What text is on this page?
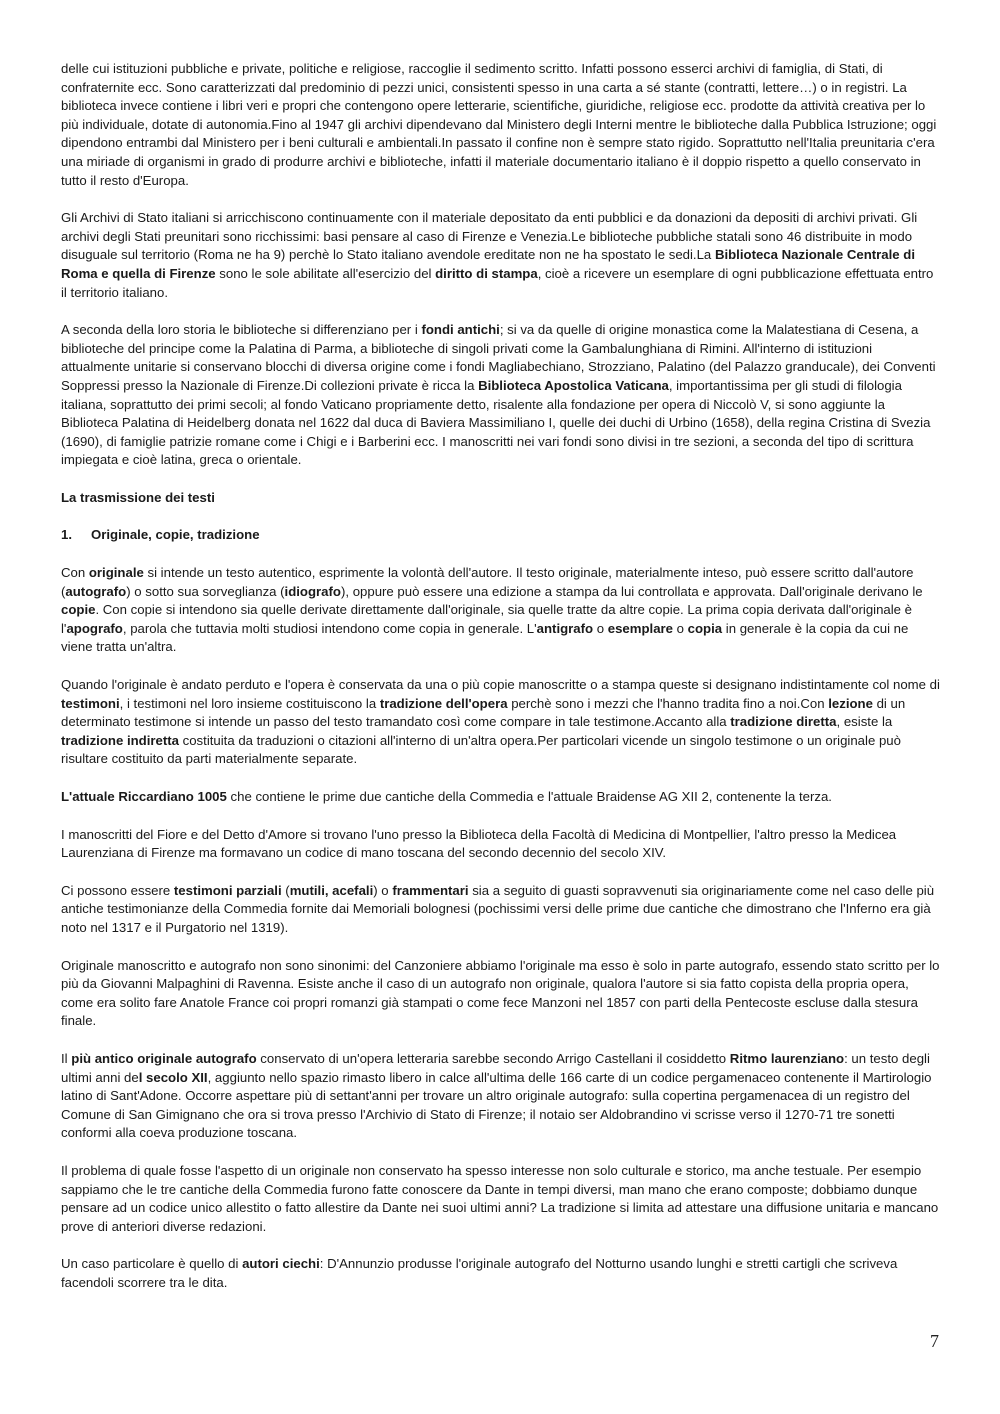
delle cui istituzioni pubbliche e private, politiche e religiose, raccoglie il sedimento scritto. Infatti possono esserci archivi di famiglia, di Stati, di confraternite ecc. Sono caratterizzati dal predominio di pezzi unici, consistenti spesso in una carta a sé stante (contratti, lettere…) o in registri. La biblioteca invece contiene i libri veri e propri che contengono opere letterarie, scientifiche, giuridiche, religiose ecc. prodotte da attività creativa per lo più individuale, dotate di autonomia.Fino al 1947 gli archivi dipendevano dal Ministero degli Interni mentre le biblioteche dalla Pubblica Istruzione; oggi dipendono entrambi dal Ministero per i beni culturali e ambientali.In passato il confine non è sempre stato rigido. Soprattutto nell'Italia preunitaria c'era una miriade di organismi in grado di produrre archivi e biblioteche, infatti il materiale documentario italiano è il doppio rispetto a quello conservato in tutto il resto d'Europa.

Gli Archivi di Stato italiani si arricchiscono continuamente con il materiale depositato da enti pubblici e da donazioni da depositi di archivi privati. Gli archivi degli Stati preunitari sono ricchissimi: basi pensare al caso di Firenze e Venezia.Le biblioteche pubbliche statali sono 46 distribuite in modo disuguale sul territorio (Roma ne ha 9) perchè lo Stato italiano avendole ereditate non ne ha spostato le sedi.La Biblioteca Nazionale Centrale di Roma e quella di Firenze sono le sole abilitate all'esercizio del diritto di stampa, cioè a ricevere un esemplare di ogni pubblicazione effettuata entro il territorio italiano.

A seconda della loro storia le biblioteche si differenziano per i fondi antichi; si va da quelle di origine monastica come la Malatestiana di Cesena, a biblioteche del principe come la Palatina di Parma, a biblioteche di singoli privati come la Gambalunghiana di Rimini. All'interno di istituzioni attualmente unitarie si conservano blocchi di diversa origine come i fondi Magliabechiano, Strozziano, Palatino (del Palazzo granducale), dei Conventi Soppressi presso la Nazionale di Firenze.Di collezioni private è ricca la Biblioteca Apostolica Vaticana, importantissima per gli studi di filologia italiana, soprattutto dei primi secoli; al fondo Vaticano propriamente detto, risalente alla fondazione per opera di Niccolò V, si sono aggiunte la Biblioteca Palatina di Heidelberg donata nel 1622 dal duca di Baviera Massimiliano I, quelle dei duchi di Urbino (1658), della regina Cristina di Svezia (1690), di famiglie patrizie romane come i Chigi e i Barberini ecc. I manoscritti nei vari fondi sono divisi in tre sezioni, a seconda del tipo di scrittura impiegata e cioè latina, greca o orientale.

La trasmissione dei testi

1. Originale, copie, tradizione

Con originale si intende un testo autentico, esprimente la volontà dell'autore. Il testo originale, materialmente inteso, può essere scritto dall'autore (autografo) o sotto sua sorveglianza (idiografo), oppure può essere una edizione a stampa da lui controllata e approvata. Dall'originale derivano le copie. Con copie si intendono sia quelle derivate direttamente dall'originale, sia quelle tratte da altre copie. La prima copia derivata dall'originale è l'apografo, parola che tuttavia molti studiosi intendono come copia in generale. L'antigrafo o esemplare o copia in generale è la copia da cui ne viene tratta un'altra.

Quando l'originale è andato perduto e l'opera è conservata da una o più copie manoscritte o a stampa queste si designano indistintamente col nome di testimoni, i testimoni nel loro insieme costituiscono la tradizione dell'opera perchè sono i mezzi che l'hanno tradita fino a noi.Con lezione di un determinato testimone si intende un passo del testo tramandato così come compare in tale testimone.Accanto alla tradizione diretta, esiste la tradizione indiretta costituita da traduzioni o citazioni all'interno di un'altra opera.Per particolari vicende un singolo testimone o un originale può risultare costituito da parti materialmente separate.

L'attuale Riccardiano 1005 che contiene le prime due cantiche della Commedia e l'attuale Braidense AG XII 2, contenente la terza.

I manoscritti del Fiore e del Detto d'Amore si trovano l'uno presso la Biblioteca della Facoltà di Medicina di Montpellier, l'altro presso la Medicea Laurenziana di Firenze ma formavano un codice di mano toscana del secondo decennio del secolo XIV.

Ci possono essere testimoni parziali (mutili, acefali) o frammentari sia a seguito di guasti sopravvenuti sia originariamente come nel caso delle più antiche testimonianze della Commedia fornite dai Memoriali bolognesi (pochissimi versi delle prime due cantiche che dimostrano che l'Inferno era già noto nel 1317 e il Purgatorio nel 1319).

Originale manoscritto e autografo non sono sinonimi: del Canzoniere abbiamo l'originale ma esso è solo in parte autografo, essendo stato scritto per lo più da Giovanni Malpaghini di Ravenna. Esiste anche il caso di un autografo non originale, qualora l'autore si sia fatto copista della propria opera, come era solito fare Anatole France coi propri romanzi già stampati o come fece Manzoni nel 1857 con parti della Pentecoste escluse dalla stesura finale.

Il più antico originale autografo conservato di un'opera letteraria sarebbe secondo Arrigo Castellani il cosiddetto Ritmo laurenziano: un testo degli ultimi anni del secolo XII, aggiunto nello spazio rimasto libero in calce all'ultima delle 166 carte di un codice pergamenaceo contenente il Martirologio latino di Sant'Adone. Occorre aspettare più di settant'anni per trovare un altro originale autografo: sulla copertina pergamenacea di un registro del Comune di San Gimignano che ora si trova presso l'Archivio di Stato di Firenze; il notaio ser Aldobrandino vi scrisse verso il 1270-71 tre sonetti conformi alla coeva produzione toscana.

Il problema di quale fosse l'aspetto di un originale non conservato ha spesso interesse non solo culturale e storico, ma anche testuale. Per esempio sappiamo che le tre cantiche della Commedia furono fatte conoscere da Dante in tempi diversi, man mano che erano composte; dobbiamo dunque pensare ad un codice unico allestito o fatto allestire da Dante nei suoi ultimi anni? La tradizione si limita ad attestare una diffusione unitaria e mancano prove di anteriori diverse redazioni.

Un caso particolare è quello di autori ciechi: D'Annunzio produsse l'originale autografo del Notturno usando lunghi e stretti cartigli che scriveva facendoli scorrere tra le dita.

7
